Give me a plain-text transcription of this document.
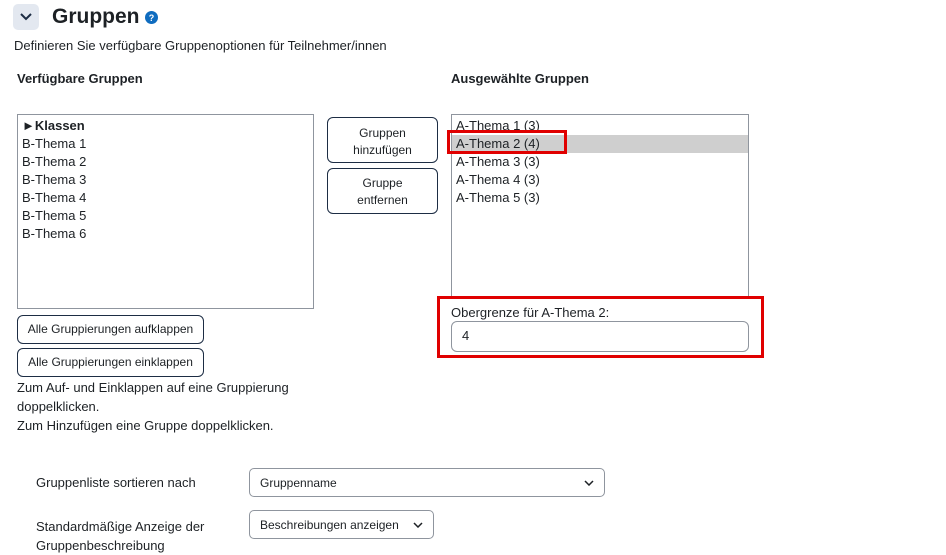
Gruppen	?
Definieren Sie verfügbare Gruppenoptionen für Teilnehmer/innen
Verfügbare Gruppen
►Klassen
B-Thema 1
B-Thema 2
B-Thema 3
B-Thema 4
B-Thema 5
B-Thema 6
Gruppen
hinzufügen
Gruppe
entfernen
Ausgewählte Gruppen
A-Thema 1 (3)
A-Thema 2 (4)
A-Thema 3 (3)
A-Thema 4 (3)
A-Thema 5 (3)
Obergrenze für A-Thema 2:
4
Alle Gruppierungen aufklappen
Alle Gruppierungen einklappen
Zum Auf- und Einklappen auf eine Gruppierung
doppelklicken.
Zum Hinzufügen eine Gruppe doppelklicken.
Gruppenliste sortieren nach	Gruppenname
Standardmäßige Anzeige der
Gruppenbeschreibung
Beschreibungen anzeigen
